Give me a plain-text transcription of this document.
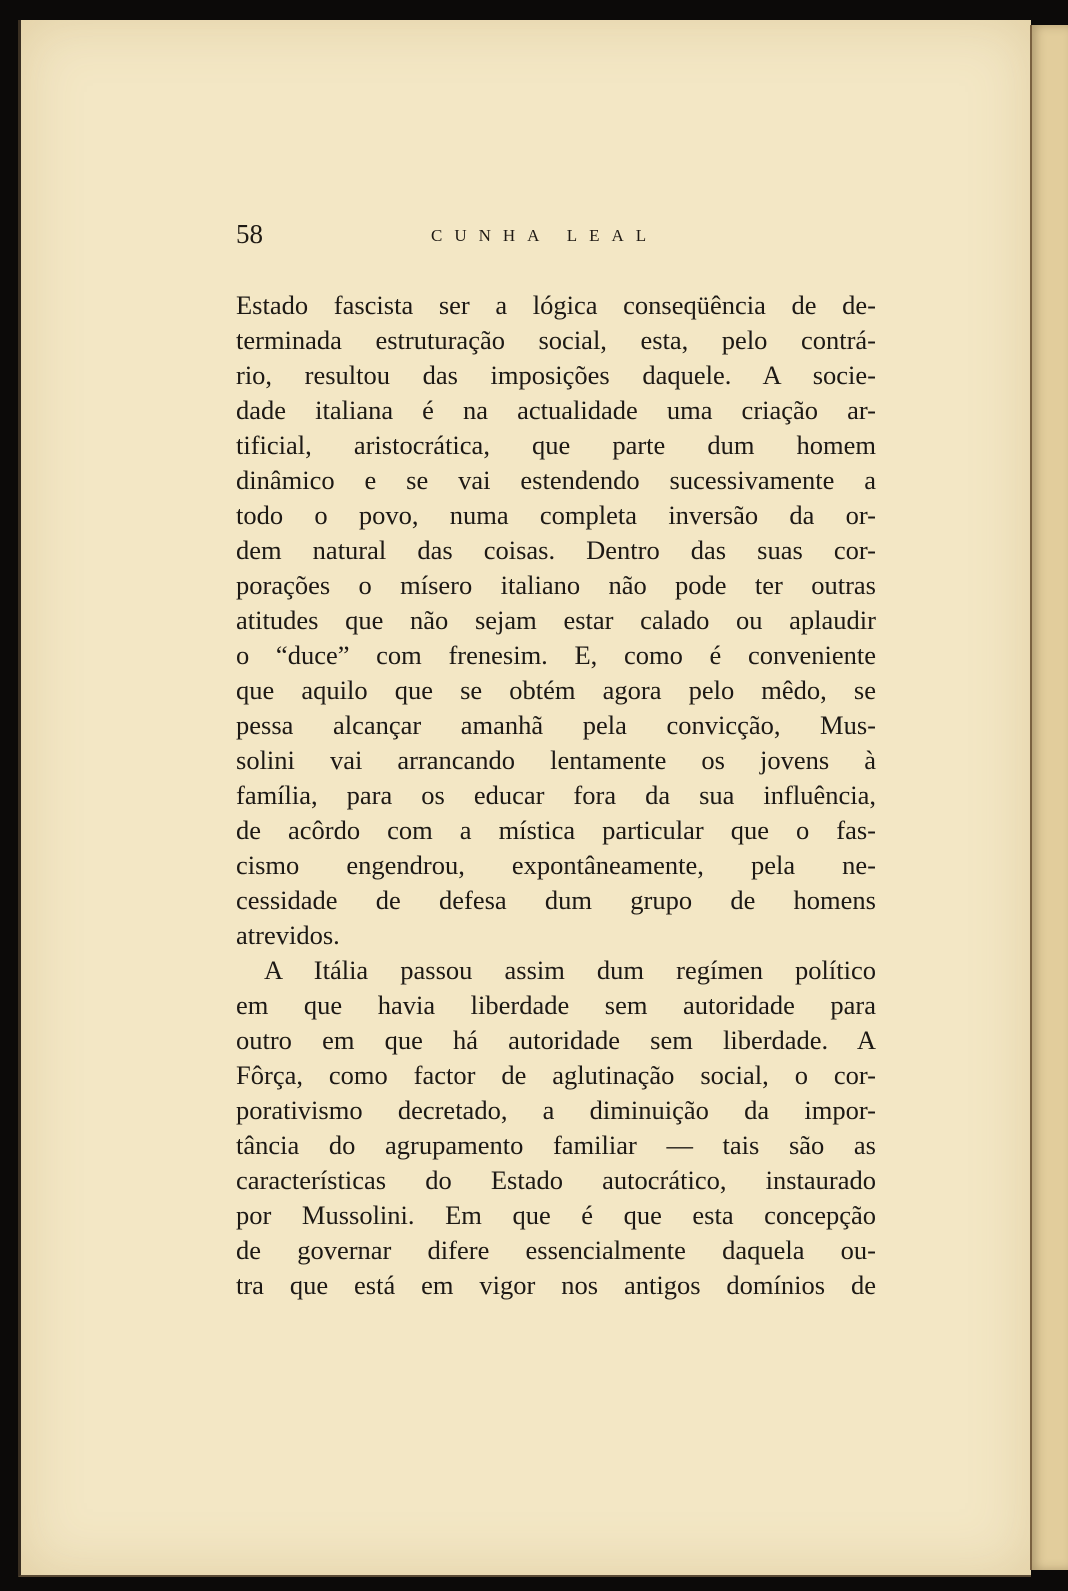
58	CUNHA LEAL
Estado fascista ser a lógica conseqüência de de-
terminada estruturação social, esta, pelo contrá-
rio, resultou das imposições daquele. A socie-
dade italiana é na actualidade uma criação ar-
tificial, aristocrática, que parte dum homem
dinâmico e se vai estendendo sucessivamente a
todo o povo, numa completa inversão da or-
dem natural das coisas. Dentro das suas cor-
porações o mísero italiano não pode ter outras
atitudes que não sejam estar calado ou aplaudir
o “duce” com frenesim. E, como é conveniente
que aquilo que se obtém agora pelo mêdo, se
pessa alcançar amanhã pela convicção, Mus-
solini vai arrancando lentamente os jovens à
família, para os educar fora da sua influência,
de acôrdo com a mística particular que o fas-
cismo engendrou, expontâneamente, pela ne-
cessidade de defesa dum grupo de homens
atrevidos.
A Itália passou assim dum regímen político
em que havia liberdade sem autoridade para
outro em que há autoridade sem liberdade. A
Fôrça, como factor de aglutinação social, o cor-
porativismo decretado, a diminuição da impor-
tância do agrupamento familiar — tais são as
características do Estado autocrático, instaurado
por Mussolini. Em que é que esta concepção
de governar difere essencialmente daquela ou-
tra que está em vigor nos antigos domínios de
